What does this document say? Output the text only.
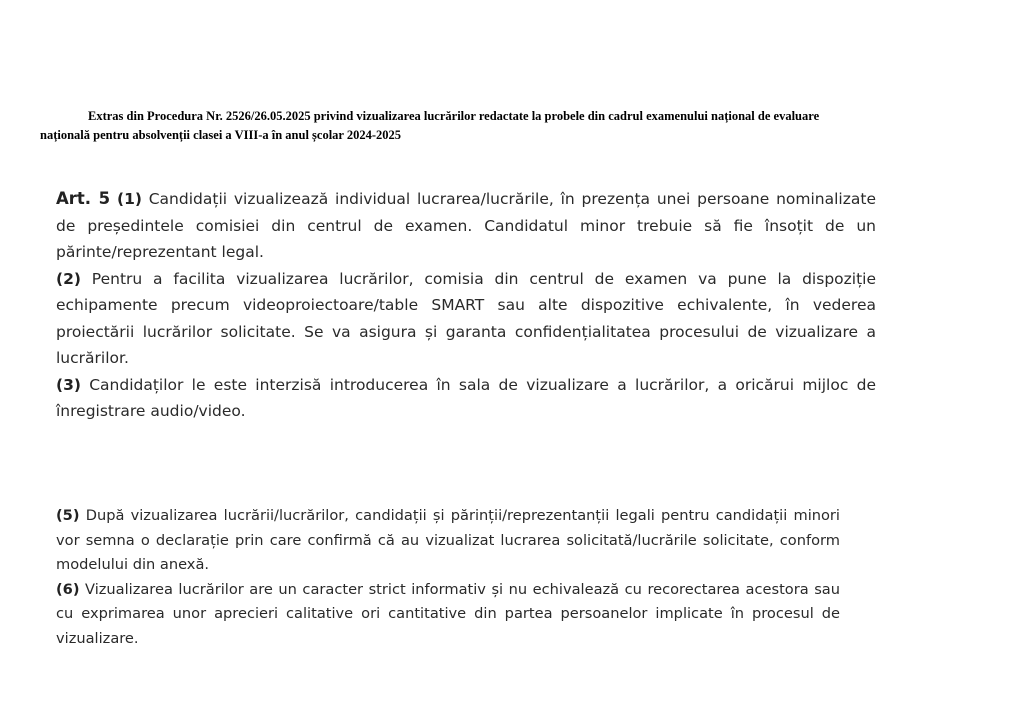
Extras din Procedura Nr. 2526/26.05.2025 privind vizualizarea lucrărilor redactate la probele din cadrul examenului național de evaluare
națională pentru absolvenții clasei a VIII-a în anul școlar 2024-2025

Art. 5 (1) Candidații vizualizează individual lucrarea/lucrările, în prezența unei persoane nominalizate de președintele comisiei din centrul de examen. Candidatul minor trebuie să fie însoțit de un părinte/reprezentant legal.

(2) Pentru a facilita vizualizarea lucrărilor, comisia din centrul de examen va pune la dispoziție echipamente precum videoproiectoare/table SMART sau alte dispozitive echivalente, în vederea proiectării lucrărilor solicitate. Se va asigura și garanta confidențialitatea procesului de vizualizare a lucrărilor.

(3) Candidaților le este interzisă introducerea în sala de vizualizare a lucrărilor, a oricărui mijloc de înregistrare audio/video.

(5) După vizualizarea lucrării/lucrărilor, candidații și părinții/reprezentanții legali pentru candidații minori vor semna o declarație prin care confirmă că au vizualizat lucrarea solicitată/lucrările solicitate, conform modelului din anexă.

(6) Vizualizarea lucrărilor are un caracter strict informativ și nu echivalează cu recorectarea acestora sau cu exprimarea unor aprecieri calitative ori cantitative din partea persoanelor implicate în procesul de vizualizare.
